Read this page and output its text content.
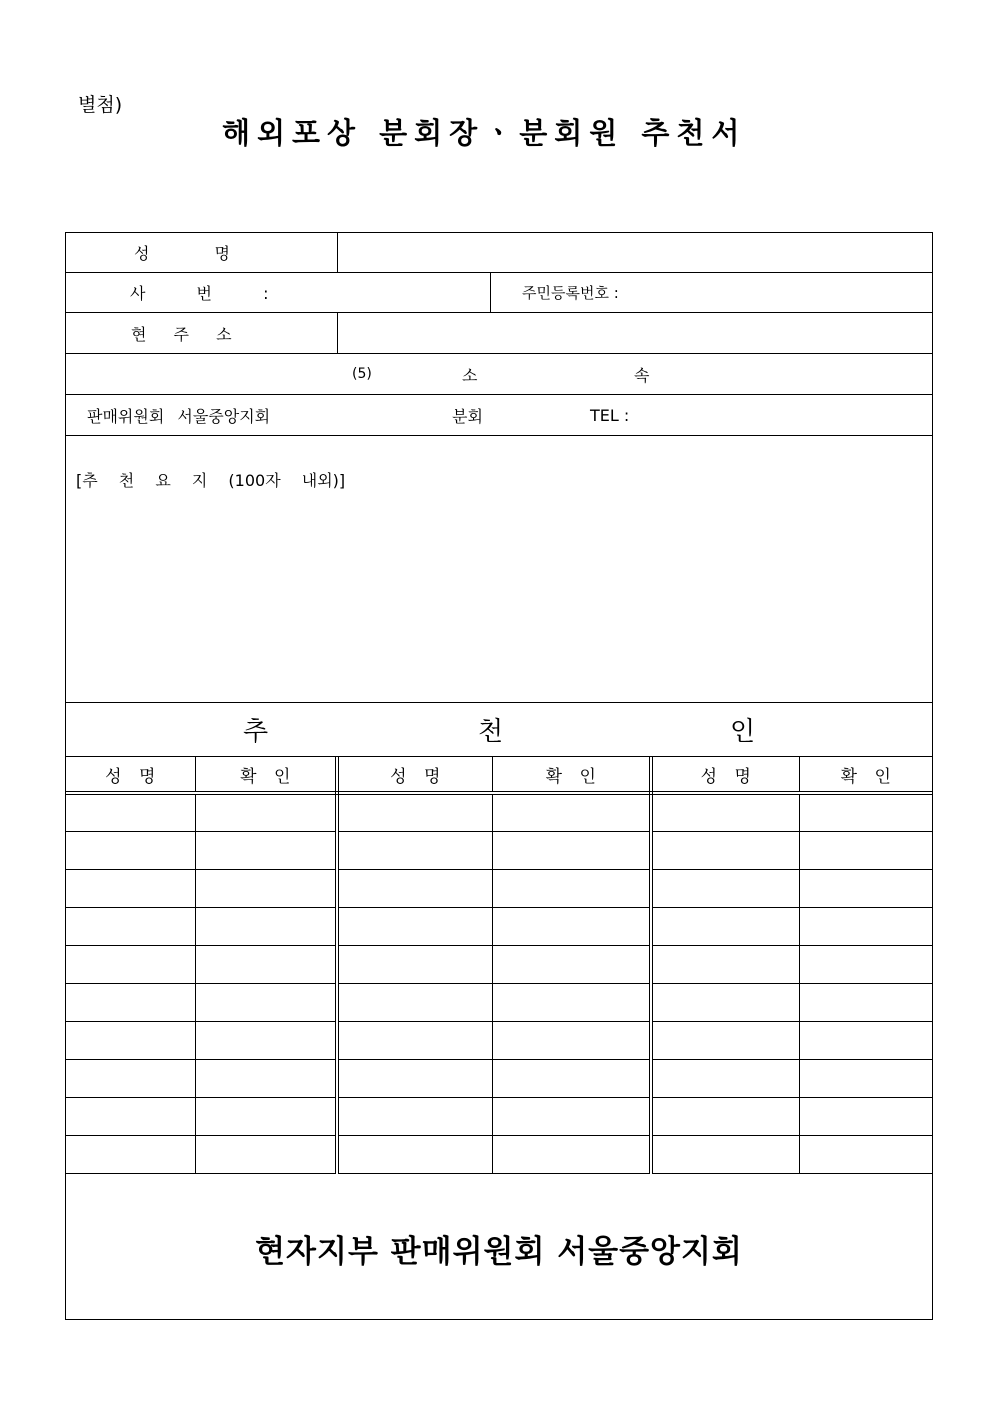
별첨)
해외포상 분회장ㆍ분회원 추천서
성 명
사 번 :	주민등록번호 :
현 주 소
(5)	소	속
판매위원회 서울중앙지회	분회	TEL :
[추 천 요 지 (100자 내외)]
추	천	인
성 명	확 인	성 명	확 인	성 명	확 인

현자지부 판매위원회 서울중앙지회
